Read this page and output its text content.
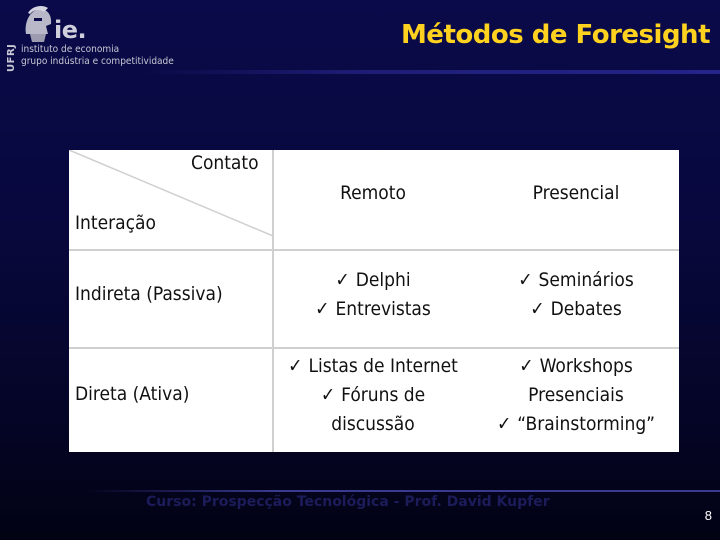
UFRJ
ie.
instituto de economia
grupo indústria e competitividade
Métodos de Foresight
Contato
Interação
Remoto	Presencial
Indireta (Passiva)
Direta (Ativa)
✓ Delphi
✓ Entrevistas
✓ Seminários
✓ Debates
✓ Listas de Internet
✓ Fóruns de
discussão
✓ Workshops
Presenciais
✓ “Brainstorming”
Curso: Prospecção Tecnológica - Prof. David Kupfer
8
